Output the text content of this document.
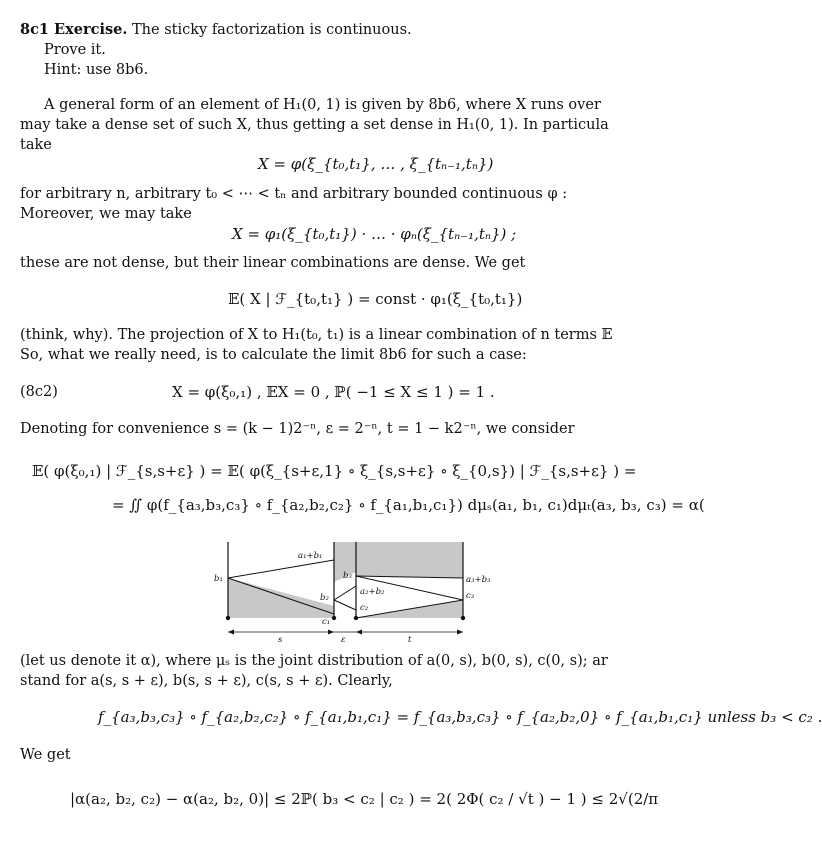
8c1 Exercise. The sticky factorization is continuous.
Prove it.
Hint: use 8b6.
A general form of an element of H₁(0, 1) is given by 8b6, where X runs over
may take a dense set of such X, thus getting a set dense in H₁(0, 1). In particula
take
X = φ(ξ_{t₀,t₁}, … , ξ_{tₙ₋₁,tₙ})
for arbitrary n, arbitrary t₀ < ⋯ < tₙ and arbitrary bounded continuous φ :
Moreover, we may take
X = φ₁(ξ_{t₀,t₁}) · … · φₙ(ξ_{tₙ₋₁,tₙ}) ;
these are not dense, but their linear combinations are dense. We get
𝔼( X | ℱ_{t₀,t₁} ) = const · φ₁(ξ_{t₀,t₁})
(think, why). The projection of X to H₁(t₀, t₁) is a linear combination of n terms 𝔼
So, what we really need, is to calculate the limit 8b6 for such a case:
(8c2)	X = φ(ξ₀,₁) , 𝔼X = 0 , ℙ( −1 ≤ X ≤ 1 ) = 1 .
Denoting for convenience s = (k − 1)2⁻ⁿ, ε = 2⁻ⁿ, t = 1 − k2⁻ⁿ, we consider
𝔼( φ(ξ₀,₁) | ℱ_{s,s+ε} ) = 𝔼( φ(ξ_{s+ε,1} ∘ ξ_{s,s+ε} ∘ ξ_{0,s}) | ℱ_{s,s+ε} ) =
= ∬ φ(f_{a₃,b₃,c₃} ∘ f_{a₂,b₂,c₂} ∘ f_{a₁,b₁,c₁}) dμₛ(a₁, b₁, c₁)dμₜ(a₃, b₃, c₃) = α(
a₁+b₁
b₁
b₂
c₁
b₃
a₂+b₂
c₂
a₃+b₃
c₃
s	ε	t
(let us denote it α), where μₛ is the joint distribution of a(0, s), b(0, s), c(0, s); ar
stand for a(s, s + ε), b(s, s + ε), c(s, s + ε). Clearly,
f_{a₃,b₃,c₃} ∘ f_{a₂,b₂,c₂} ∘ f_{a₁,b₁,c₁} = f_{a₃,b₃,c₃} ∘ f_{a₂,b₂,0} ∘ f_{a₁,b₁,c₁} unless b₃ < c₂ .
We get
|α(a₂, b₂, c₂) − α(a₂, b₂, 0)| ≤ 2ℙ( b₃ < c₂ | c₂ ) = 2( 2Φ( c₂ / √t ) − 1 ) ≤ 2√(2/π
